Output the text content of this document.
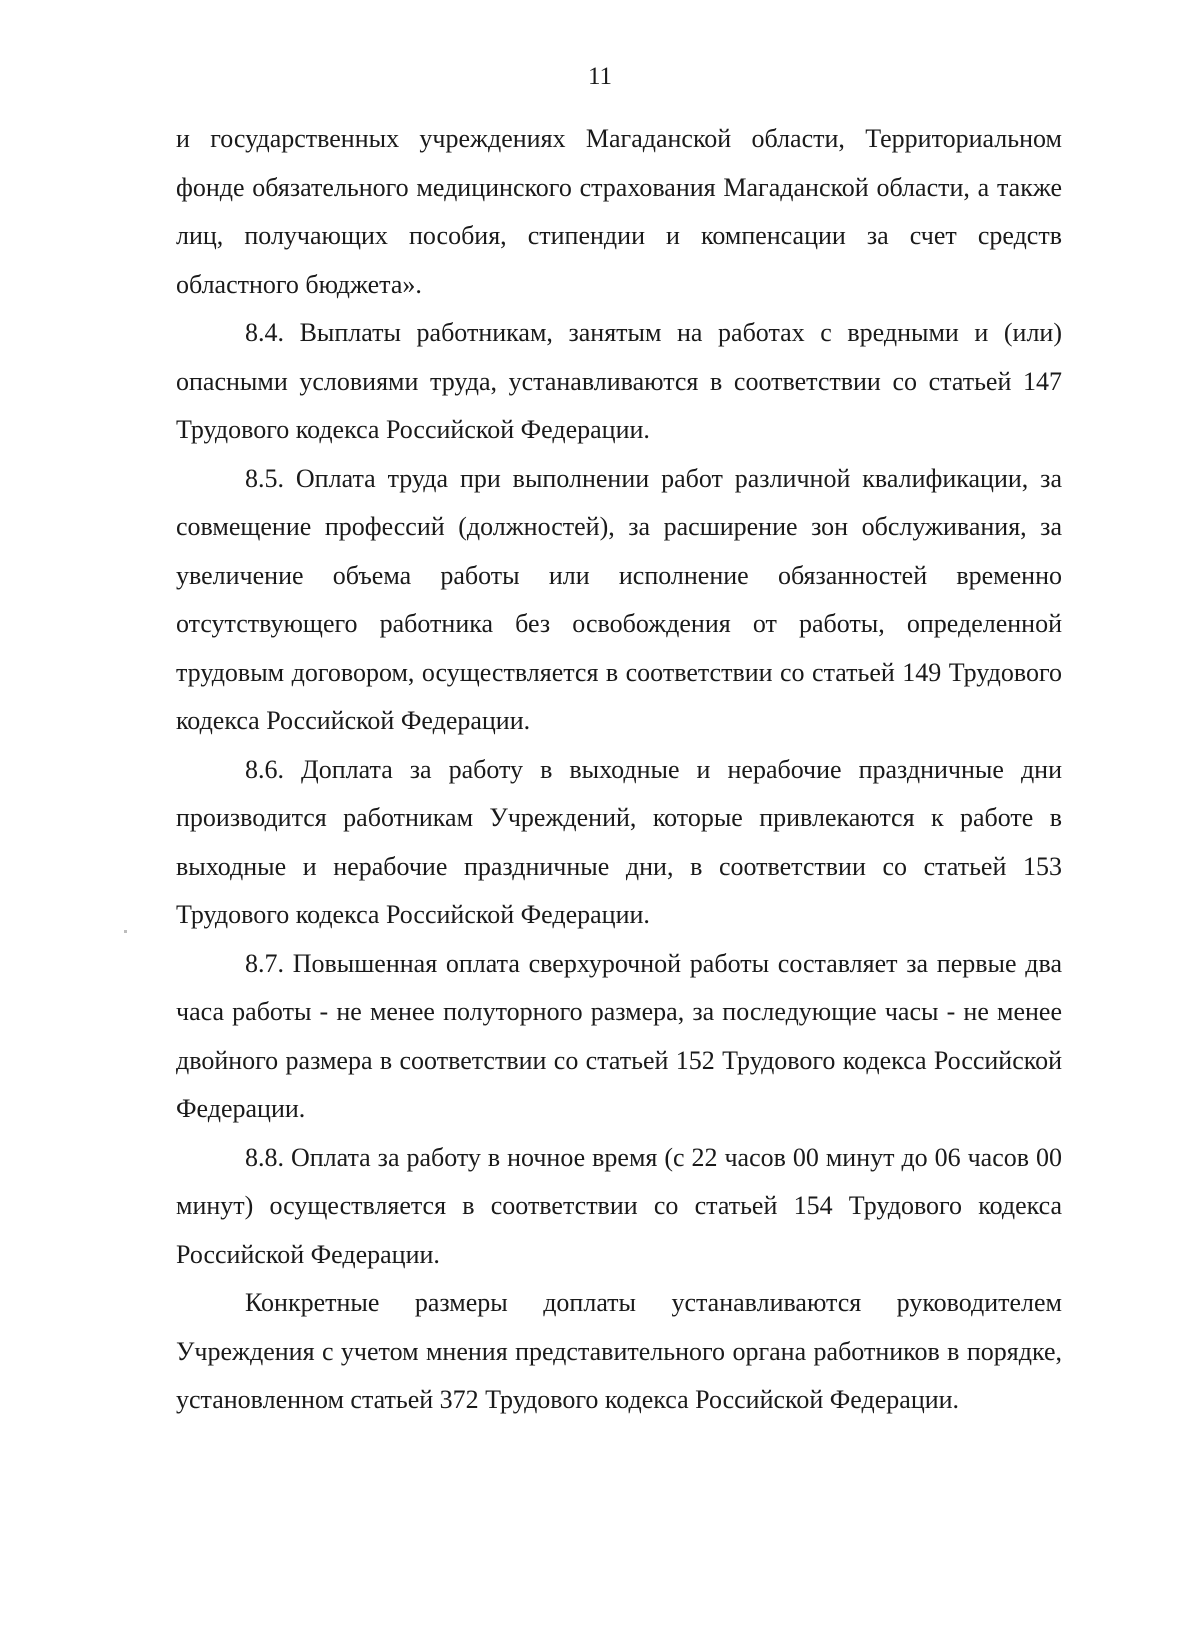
11

и государственных учреждениях Магаданской области, Территориальном фонде обязательного медицинского страхования Магаданской области, а также лиц, получающих пособия, стипендии и компенсации за счет средств областного бюджета».

8.4. Выплаты работникам, занятым на работах с вредными и (или) опасными условиями труда, устанавливаются в соответствии со статьей 147 Трудового кодекса Российской Федерации.

8.5. Оплата труда при выполнении работ различной квалификации, за совмещение профессий (должностей), за расширение зон обслуживания, за увеличение объема работы или исполнение обязанностей временно отсутствующего работника без освобождения от работы, определенной трудовым договором, осуществляется в соответствии со статьей 149 Трудового кодекса Российской Федерации.

8.6. Доплата за работу в выходные и нерабочие праздничные дни производится работникам Учреждений, которые привлекаются к работе в выходные и нерабочие праздничные дни, в соответствии со статьей 153 Трудового кодекса Российской Федерации.

8.7. Повышенная оплата сверхурочной работы составляет за первые два часа работы - не менее полуторного размера, за последующие часы - не менее двойного размера в соответствии со статьей 152 Трудового кодекса Российской Федерации.

8.8. Оплата за работу в ночное время (с 22 часов 00 минут до 06 часов 00 минут) осуществляется в соответствии со статьей 154 Трудового кодекса Российской Федерации.

Конкретные размеры доплаты устанавливаются руководителем Учреждения с учетом мнения представительного органа работников в порядке, установленном статьей 372 Трудового кодекса Российской Федерации.
